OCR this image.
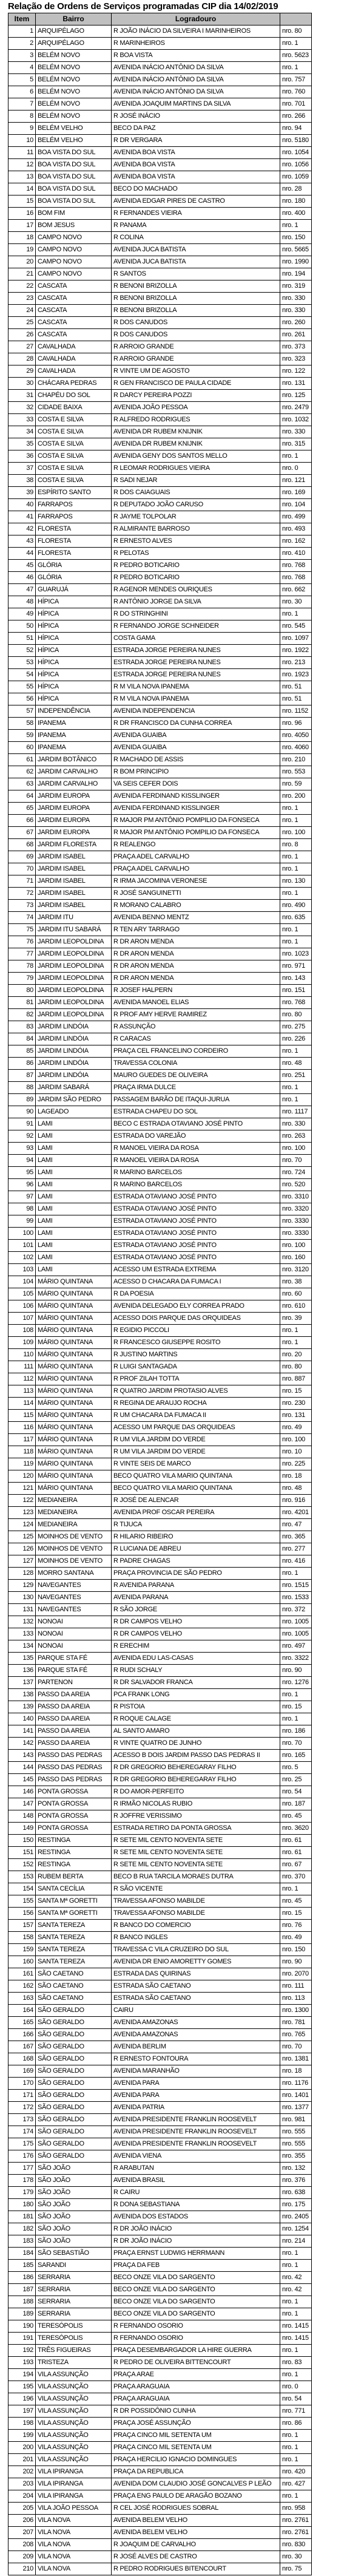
Relação de Ordens de Serviços programadas CIP dia 14/02/2019
Item	Bairro	Logradouro	
1	ARQUIPÉLAGO	R JOÃO INÁCIO DA SILVEIRA I MARINHEIROS	nro. 80
2	ARQUIPÉLAGO	R MARINHEIROS	nro. 1
3	BELÉM NOVO	R BOA VISTA	nro. 5623
4	BELÉM NOVO	AVENIDA INÁCIO ANTÔNIO DA SILVA	nro. 1
5	BELÉM NOVO	AVENIDA INÁCIO ANTÔNIO DA SILVA	nro. 757
6	BELÉM NOVO	AVENIDA INÁCIO ANTÔNIO DA SILVA	nro. 760
7	BELÉM NOVO	AVENIDA JOAQUIM MARTINS DA SILVA	nro. 701
8	BELÉM NOVO	R JOSÉ INÁCIO	nro. 266
9	BELÉM VELHO	BECO DA PAZ	nro. 94
10	BELÉM VELHO	R DR VERGARA	nro. 5180
11	BOA VISTA DO SUL	AVENIDA BOA VISTA	nro. 1054
12	BOA VISTA DO SUL	AVENIDA BOA VISTA	nro. 1056
13	BOA VISTA DO SUL	AVENIDA BOA VISTA	nro. 1059
14	BOA VISTA DO SUL	BECO DO MACHADO	nro. 28
15	BOA VISTA DO SUL	AVENIDA EDGAR PIRES DE CASTRO	nro. 180
16	BOM FIM	R FERNANDES VIEIRA	nro. 400
17	BOM JESUS	R PANAMA	nro. 1
18	CAMPO NOVO	R COLINA	nro. 150
19	CAMPO NOVO	AVENIDA JUCA BATISTA	nro. 5665
20	CAMPO NOVO	AVENIDA JUCA BATISTA	nro. 1990
21	CAMPO NOVO	R SANTOS	nro. 194
22	CASCATA	R BENONI BRIZOLLA	nro. 319
23	CASCATA	R BENONI BRIZOLLA	nro. 330
24	CASCATA	R BENONI BRIZOLLA	nro. 330
25	CASCATA	R DOS CANUDOS	nro. 260
26	CASCATA	R DOS CANUDOS	nro. 261
27	CAVALHADA	R ARROIO GRANDE	nro. 373
28	CAVALHADA	R ARROIO GRANDE	nro. 323
29	CAVALHADA	R VINTE UM DE AGOSTO	nro. 122
30	CHÁCARA PEDRAS	R GEN FRANCISCO DE PAULA CIDADE	nro. 131
31	CHAPÉU DO SOL	R DARCY PEREIRA POZZI	nro. 125
32	CIDADE BAIXA	AVENIDA JOÃO PESSOA	nro. 2479
33	COSTA E SILVA	R ALFREDO RODRIGUES	nro. 1032
34	COSTA E SILVA	AVENIDA DR RUBEM KNIJNIK	nro. 330
35	COSTA E SILVA	AVENIDA DR RUBEM KNIJNIK	nro. 315
36	COSTA E SILVA	AVENIDA GENY DOS SANTOS MELLO	nro. 1
37	COSTA E SILVA	R LEOMAR RODRIGUES VIEIRA	nro. 0
38	COSTA E SILVA	R SADI NEJAR	nro. 121
39	ESPÍRITO SANTO	R DOS CAIAGUAIS	nro. 169
40	FARRAPOS	R DEPUTADO JOÃO CARUSO	nro. 104
41	FARRAPOS	R JAYME TOLPOLAR	nro. 499
42	FLORESTA	R ALMIRANTE BARROSO	nro. 493
43	FLORESTA	R ERNESTO ALVES	nro. 162
44	FLORESTA	R PELOTAS	nro. 410
45	GLÓRIA	R PEDRO BOTICARIO	nro. 768
46	GLÓRIA	R PEDRO BOTICARIO	nro. 768
47	GUARUJÁ	R AGENOR MENDES OURIQUES	nro. 662
48	HÍPICA	R ANTÔNIO JORGE DA SILVA	nro. 30
49	HÍPICA	R DO STRINGHINI	nro. 1
50	HÍPICA	R FERNANDO JORGE SCHNEIDER	nro. 545
51	HÍPICA	COSTA GAMA	nro. 1097
52	HÍPICA	ESTRADA JORGE PEREIRA NUNES	nro. 1922
53	HÍPICA	ESTRADA JORGE PEREIRA NUNES	nro. 213
54	HÍPICA	ESTRADA JORGE PEREIRA NUNES	nro. 1923
55	HÍPICA	R M VILA NOVA IPANEMA	nro. 51
56	HÍPICA	R M VILA NOVA IPANEMA	nro. 51
57	INDEPENDÊNCIA	AVENIDA INDEPENDENCIA	nro. 1152
58	IPANEMA	R DR FRANCISCO DA CUNHA CORREA	nro. 96
59	IPANEMA	AVENIDA GUAIBA	nro. 4050
60	IPANEMA	AVENIDA GUAIBA	nro. 4060
61	JARDIM BOTÂNICO	R MACHADO DE ASSIS	nro. 210
62	JARDIM CARVALHO	R BOM PRINCIPIO	nro. 553
63	JARDIM CARVALHO	VA SEIS CEFER DOIS	nro. 59
64	JARDIM EUROPA	AVENIDA FERDINAND KISSLINGER	nro. 200
65	JARDIM EUROPA	AVENIDA FERDINAND KISSLINGER	nro. 1
66	JARDIM EUROPA	R MAJOR PM ANTÔNIO POMPILIO DA FONSECA	nro. 1
67	JARDIM EUROPA	R MAJOR PM ANTÔNIO POMPILIO DA FONSECA	nro. 100
68	JARDIM FLORESTA	R REALENGO	nro. 8
69	JARDIM ISABEL	PRAÇA ADEL CARVALHO	nro. 1
70	JARDIM ISABEL	PRAÇA ADEL CARVALHO	nro. 1
71	JARDIM ISABEL	R IRMA JACOMINA VERONESE	nro. 130
72	JARDIM ISABEL	R JOSÉ SANGUINETTI	nro. 1
73	JARDIM ISABEL	R MORANO CALABRO	nro. 490
74	JARDIM ITU	AVENIDA BENNO MENTZ	nro. 635
75	JARDIM ITU SABARÁ	R TEN ARY TARRAGO	nro. 1
76	JARDIM LEOPOLDINA	R DR ARON MENDA	nro. 1
77	JARDIM LEOPOLDINA	R DR ARON MENDA	nro. 1023
78	JARDIM LEOPOLDINA	R DR ARON MENDA	nro. 971
79	JARDIM LEOPOLDINA	R DR ARON MENDA	nro. 143
80	JARDIM LEOPOLDINA	R JOSEF HALPERN	nro. 151
81	JARDIM LEOPOLDINA	AVENIDA MANOEL ELIAS	nro. 768
82	JARDIM LEOPOLDINA	R PROF AMY HERVE RAMIREZ	nro. 80
83	JARDIM LINDÓIA	R ASSUNÇÃO	nro. 275
84	JARDIM LINDÓIA	R CARACAS	nro. 226
85	JARDIM LINDÓIA	PRAÇA CEL FRANCELINO CORDEIRO	nro. 1
86	JARDIM LINDÓIA	TRAVESSA COLONIA	nro. 48
87	JARDIM LINDÓIA	MAURO GUEDES DE OLIVEIRA	nro. 251
88	JARDIM SABARÁ	PRAÇA IRMA DULCE	nro. 1
89	JARDIM SÃO PEDRO	PASSAGEM BARÃO DE ITAQUI-JURUA	nro. 1
90	LAGEADO	ESTRADA CHAPEU DO SOL	nro. 1117
91	LAMI	BECO C ESTRADA OTAVIANO JOSÉ PINTO	nro. 330
92	LAMI	ESTRADA DO VAREJÃO	nro. 263
93	LAMI	R MANOEL VIEIRA DA ROSA	nro. 100
94	LAMI	R MANOEL VIEIRA DA ROSA	nro. 70
95	LAMI	R MARINO BARCELOS	nro. 724
96	LAMI	R MARINO BARCELOS	nro. 520
97	LAMI	ESTRADA OTAVIANO JOSÉ PINTO	nro. 3310
98	LAMI	ESTRADA OTAVIANO JOSÉ PINTO	nro. 3320
99	LAMI	ESTRADA OTAVIANO JOSÉ PINTO	nro. 3330
100	LAMI	ESTRADA OTAVIANO JOSÉ PINTO	nro. 3330
101	LAMI	ESTRADA OTAVIANO JOSÉ PINTO	nro. 100
102	LAMI	ESTRADA OTAVIANO JOSÉ PINTO	nro. 160
103	LAMI	ACESSO UM ESTRADA EXTREMA	nro. 3120
104	MÁRIO QUINTANA	ACESSO D CHACARA DA FUMACA I	nro. 38
105	MÁRIO QUINTANA	R DA POESIA	nro. 60
106	MÁRIO QUINTANA	AVENIDA DELEGADO ELY CORREA PRADO	nro. 610
107	MÁRIO QUINTANA	ACESSO DOIS PARQUE DAS ORQUIDEAS	nro. 39
108	MÁRIO QUINTANA	R EGIDIO PICCOLI	nro. 1
109	MÁRIO QUINTANA	R FRANCESCO GIUSEPPE ROSITO	nro. 1
110	MÁRIO QUINTANA	R JUSTINO MARTINS	nro. 20
111	MÁRIO QUINTANA	R LUIGI SANTAGADA	nro. 80
112	MÁRIO QUINTANA	R PROF ZILAH TOTTA	nro. 887
113	MÁRIO QUINTANA	R QUATRO JARDIM PROTASIO ALVES	nro. 15
114	MÁRIO QUINTANA	R REGINA DE ARAUJO ROCHA	nro. 230
115	MÁRIO QUINTANA	R UM CHACARA DA FUMACA II	nro. 131
116	MÁRIO QUINTANA	ACESSO UM PARQUE DAS ORQUIDEAS	nro. 49
117	MÁRIO QUINTANA	R UM VILA JARDIM DO VERDE	nro. 100
118	MÁRIO QUINTANA	R UM VILA JARDIM DO VERDE	nro. 10
119	MÁRIO QUINTANA	R VINTE SEIS DE MARCO	nro. 225
120	MÁRIO QUINTANA	BECO QUATRO VILA MARIO QUINTANA	nro. 18
121	MÁRIO QUINTANA	BECO QUATRO VILA MARIO QUINTANA	nro. 48
122	MEDIANEIRA	R JOSÉ DE ALENCAR	nro. 916
123	MEDIANEIRA	AVENIDA PROF OSCAR PEREIRA	nro. 4201
124	MEDIANEIRA	R TIJUCA	nro. 47
125	MOINHOS DE VENTO	R HILARIO RIBEIRO	nro. 365
126	MOINHOS DE VENTO	R LUCIANA DE ABREU	nro. 277
127	MOINHOS DE VENTO	R PADRE CHAGAS	nro. 416
128	MORRO SANTANA	PRAÇA PROVINCIA DE SÃO PEDRO	nro. 1
129	NAVEGANTES	R AVENIDA PARANA	nro. 1515
130	NAVEGANTES	AVENIDA PARANA	nro. 1533
131	NAVEGANTES	R SÃO JORGE	nro. 372
132	NONOAI	R DR CAMPOS VELHO	nro. 1005
133	NONOAI	R DR CAMPOS VELHO	nro. 1005
134	NONOAI	R ERECHIM	nro. 497
135	PARQUE STA FÉ	AVENIDA EDU LAS-CASAS	nro. 3322
136	PARQUE STA FÉ	R RUDI SCHALY	nro. 90
137	PARTENON	R DR SALVADOR FRANCA	nro. 1276
138	PASSO DA AREIA	PCA FRANK LONG	nro. 1
139	PASSO DA AREIA	R PISTOIA	nro. 15
140	PASSO DA AREIA	R ROQUE CALAGE	nro. 1
141	PASSO DA AREIA	AL SANTO AMARO	nro. 186
142	PASSO DA AREIA	R VINTE QUATRO DE JUNHO	nro. 70
143	PASSO DAS PEDRAS	ACESSO B DOIS JARDIM PASSO DAS PEDRAS II	nro. 165
144	PASSO DAS PEDRAS	R DR GREGORIO BEHEREGARAY FILHO	nro. 5
145	PASSO DAS PEDRAS	R DR GREGORIO BEHEREGARAY FILHO	nro. 25
146	PONTA GROSSA	R DO AMOR-PERFEITO	nro. 54
147	PONTA GROSSA	R IRMÃO NICOLAS RUBIO	nro. 187
148	PONTA GROSSA	R JOFFRE VERISSIMO	nro. 45
149	PONTA GROSSA	ESTRADA RETIRO DA PONTA GROSSA	nro. 3620
150	RESTINGA	R SETE MIL CENTO NOVENTA SETE	nro. 61
151	RESTINGA	R SETE MIL CENTO NOVENTA SETE	nro. 61
152	RESTINGA	R SETE MIL CENTO NOVENTA SETE	nro. 67
153	RUBEM BERTA	BECO B RUA TARCILA MORAES DUTRA	nro. 370
154	SANTA CECÍLIA	R SÃO VICENTE	nro. 1
155	SANTA Mª GORETTI	TRAVESSA AFONSO MABILDE	nro. 45
156	SANTA Mª GORETTI	TRAVESSA AFONSO MABILDE	nro. 15
157	SANTA TEREZA	R BANCO DO COMERCIO	nro. 76
158	SANTA TEREZA	R BANCO INGLES	nro. 49
159	SANTA TEREZA	TRAVESSA C VILA CRUZEIRO DO SUL	nro. 150
160	SANTA TEREZA	AVENIDA DR ENIO AMORETTY GOMES	nro. 90
161	SÃO CAETANO	ESTRADA DAS QUIRINAS	nro. 2070
162	SÃO CAETANO	ESTRADA SÃO CAETANO	nro. 111
163	SÃO CAETANO	ESTRADA SÃO CAETANO	nro. 113
164	SÃO GERALDO	CAIRU	nro. 1300
165	SÃO GERALDO	AVENIDA AMAZONAS	nro. 781
166	SÃO GERALDO	AVENIDA AMAZONAS	nro. 765
167	SÃO GERALDO	AVENIDA BERLIM	nro. 70
168	SÃO GERALDO	R ERNESTO FONTOURA	nro. 1381
169	SÃO GERALDO	AVENIDA MARANHÃO	nro. 18
170	SÃO GERALDO	AVENIDA PARA	nro. 1176
171	SÃO GERALDO	AVENIDA PARA	nro. 1401
172	SÃO GERALDO	AVENIDA PATRIA	nro. 1377
173	SÃO GERALDO	AVENIDA PRESIDENTE FRANKLIN ROOSEVELT	nro. 981
174	SÃO GERALDO	AVENIDA PRESIDENTE FRANKLIN ROOSEVELT	nro. 555
175	SÃO GERALDO	AVENIDA PRESIDENTE FRANKLIN ROOSEVELT	nro. 555
176	SÃO GERALDO	AVENIDA VIENA	nro. 355
177	SÃO JOÃO	R ARABUTAN	nro. 132
178	SÃO JOÃO	AVENIDA BRASIL	nro. 376
179	SÃO JOÃO	R CAIRU	nro. 638
180	SÃO JOÃO	R DONA SEBASTIANA	nro. 175
181	SÃO JOÃO	AVENIDA DOS ESTADOS	nro. 2405
182	SÃO JOÃO	R DR JOÃO INÁCIO	nro. 1254
183	SÃO JOÃO	R DR JOÃO INÁCIO	nro. 214
184	SÃO SEBASTIÃO	PRAÇA ERNST LUDWIG HERRMANN	nro. 1
185	SARANDI	PRAÇA DA FEB	nro. 1
186	SERRARIA	BECO ONZE VILA DO SARGENTO	nro. 42
187	SERRARIA	BECO ONZE VILA DO SARGENTO	nro. 42
188	SERRARIA	BECO ONZE VILA DO SARGENTO	nro. 1
189	SERRARIA	BECO ONZE VILA DO SARGENTO	nro. 1
190	TERESÓPOLIS	R FERNANDO OSORIO	nro. 1415
191	TERESÓPOLIS	R FERNANDO OSORIO	nro. 1415
192	TRÊS FIGUEIRAS	PRAÇA DESEMBARGADOR LA HIRE GUERRA	nro. 1
193	TRISTEZA	R PEDRO DE OLIVEIRA BITTENCOURT	nro. 83
194	VILA ASSUNÇÃO	PRAÇA ARAE	nro. 1
195	VILA ASSUNÇÃO	PRAÇA ARAGUAIA	nro. 0
196	VILA ASSUNÇÃO	PRAÇA ARAGUAIA	nro. 54
197	VILA ASSUNÇÃO	R DR POSSIDÔNIO CUNHA	nro. 771
198	VILA ASSUNÇÃO	PRAÇA JOSÉ ASSUNÇÃO	nro. 86
199	VILA ASSUNÇÃO	PRAÇA CINCO MIL SETENTA UM	nro. 1
200	VILA ASSUNÇÃO	PRAÇA CINCO MIL SETENTA UM	nro. 1
201	VILA ASSUNÇÃO	PRAÇA HERCILIO IGNACIO DOMINGUES	nro. 1
202	VILA IPIRANGA	PRAÇA DA REPUBLICA	nro. 420
203	VILA IPIRANGA	AVENIDA DOM CLAUDIO JOSÉ GONCALVES P LEÃO	nro. 427
204	VILA IPIRANGA	PRAÇA ENG PAULO DE ARAGÃO BOZANO	nro. 1
205	VILA JOÃO PESSOA	R CEL JOSÉ RODRIGUES SOBRAL	nro. 958
206	VILA NOVA	AVENIDA BELEM VELHO	nro. 2761
207	VILA NOVA	AVENIDA BELEM VELHO	nro. 2761
208	VILA NOVA	R JOAQUIM DE CARVALHO	nro. 830
209	VILA NOVA	R JOSÉ ALVES DE CASTRO	nro. 30
210	VILA NOVA	R PEDRO RODRIGUES BITENCOURT	nro. 75
